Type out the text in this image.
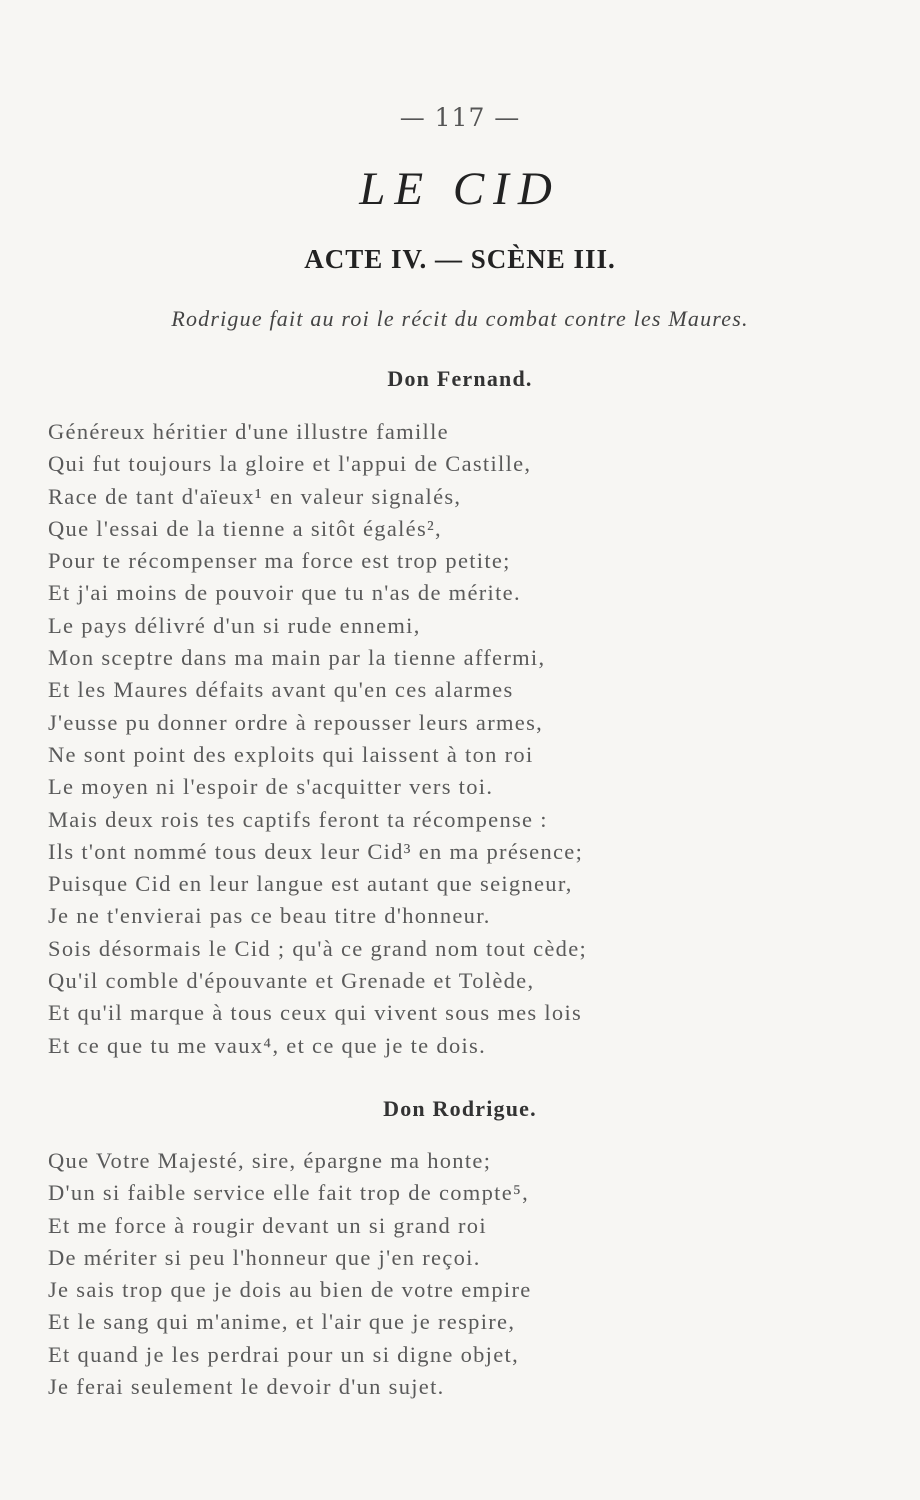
— 117 —
LE CID
ACTE IV. — SCÈNE III.
Rodrigue fait au roi le récit du combat contre les Maures.
Don Fernand.
Généreux héritier d'une illustre famille
Qui fut toujours la gloire et l'appui de Castille,
Race de tant d'aïeux¹ en valeur signalés,
Que l'essai de la tienne a sitôt égalés²,
Pour te récompenser ma force est trop petite;
Et j'ai moins de pouvoir que tu n'as de mérite.
Le pays délivré d'un si rude ennemi,
Mon sceptre dans ma main par la tienne affermi,
Et les Maures défaits avant qu'en ces alarmes
J'eusse pu donner ordre à repousser leurs armes,
Ne sont point des exploits qui laissent à ton roi
Le moyen ni l'espoir de s'acquitter vers toi.
Mais deux rois tes captifs feront ta récompense :
Ils t'ont nommé tous deux leur Cid³ en ma présence;
Puisque Cid en leur langue est autant que seigneur,
Je ne t'envierai pas ce beau titre d'honneur.
Sois désormais le Cid ; qu'à ce grand nom tout cède;
Qu'il comble d'épouvante et Grenade et Tolède,
Et qu'il marque à tous ceux qui vivent sous mes lois
Et ce que tu me vaux⁴, et ce que je te dois.
Don Rodrigue.
Que Votre Majesté, sire, épargne ma honte;
D'un si faible service elle fait trop de compte⁵,
Et me force à rougir devant un si grand roi
De mériter si peu l'honneur que j'en reçoi.
Je sais trop que je dois au bien de votre empire
Et le sang qui m'anime, et l'air que je respire,
Et quand je les perdrai pour un si digne objet,
Je ferai seulement le devoir d'un sujet.
